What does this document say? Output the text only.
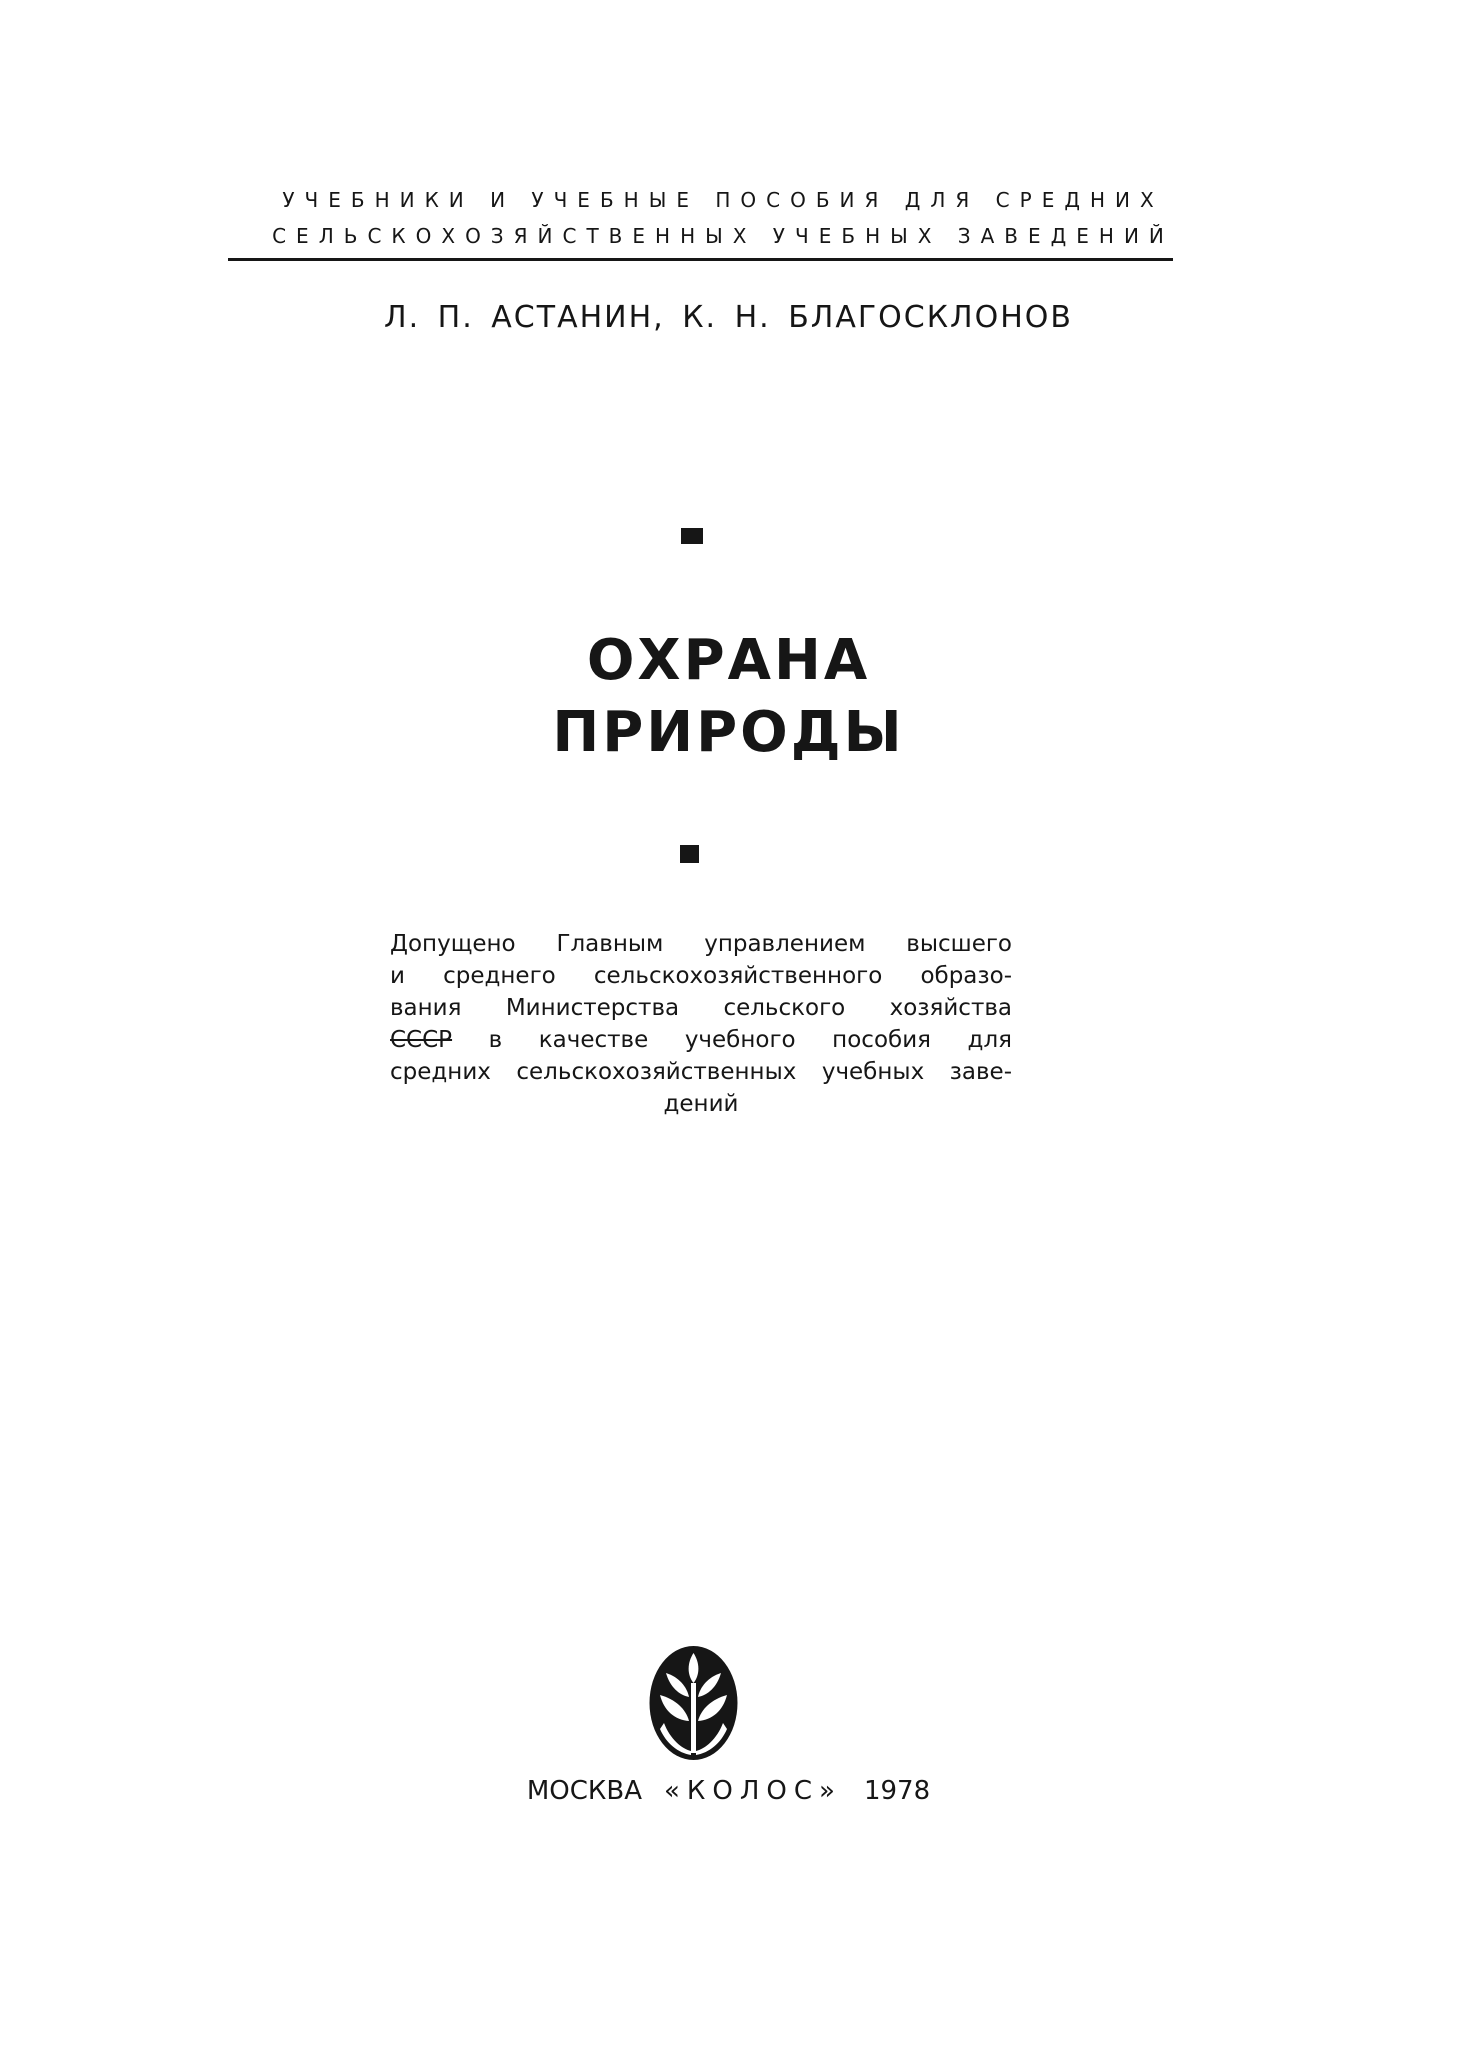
УЧЕБНИКИ И УЧЕБНЫЕ ПОСОБИЯ ДЛЯ СРЕДНИХ
СЕЛЬСКОХОЗЯЙСТВЕННЫХ УЧЕБНЫХ ЗАВЕДЕНИЙ
Л. П. АСТАНИН, К. Н. БЛАГОСКЛОНОВ
ОХРАНА
ПРИРОДЫ
Допущено Главным управлением высшего
и среднего сельскохозяйственного образо-
вания Министерства сельского хозяйства
СССР в качестве учебного пособия для
средних сельскохозяйственных учебных заве-
дений
МОСКВА «КОЛОС» 1978
